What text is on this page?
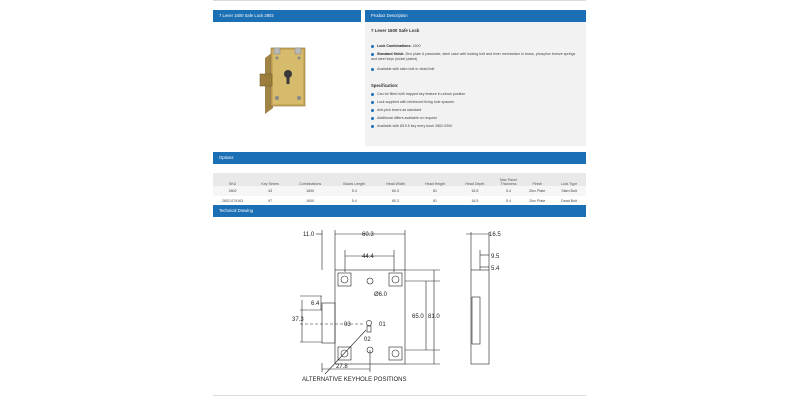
7 Lever 1600 Safe Lock 2802	Product Description
7 Lever 1600 Safe Lock
Lock Combinations: 1600
Standard finish: Zinc plate & passivate, steel case with locking bolt and lever mechanism in brass, phosphor bronze springs and steel keys (nickel plated)
Available with slam bolt or dead bolt
Specification:
Can be fitted with trapped key feature in unlock position
Lock supplied with reinforced fixing hole spacers
Anti-pick levers as standard
Additional differs available on request
Available with Ø19.5 key entry bush 2802-0200
Options
SKU	Key Series	Combinations	Backs Length	Head Width	Head Height	Head Depth	Max Panel Thickness	Finish	Lock Type
2802	43	1600	5.4	60.3	81	16.5	5.4	Zinc Plate	Slam Bolt
2802-079163	97	1600	5.4	60.3	81	16.5	5.4	Zinc Plate	Dead Bolt
Technical Drawing
11.0	60.3
44.4
Ø6.0
6.4
37.3	65.0 81.0
27.8
03
02
01
16.5
9.5
5.4
ALTERNATIVE KEYHOLE POSITIONS
